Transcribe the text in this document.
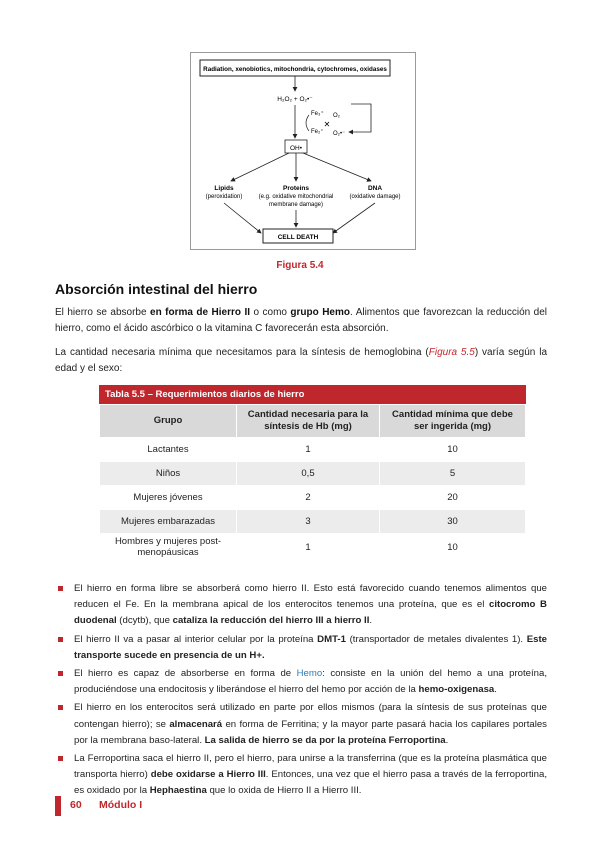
Radiation, xenobiotics, mitochondria, cytochromes, oxidases
H₂O₂ + O₂•⁻
Fe₃⁺ O₂
✕
Fe₂⁺ O₂•⁻
OH•
Lipids
(peroxidation)
Proteins
(e.g. oxidative mitochondrial
membrane damage)
DNA
(oxidative damage)
CELL DEATH
Figura 5.4
Absorción intestinal del hierro
El hierro se absorbe en forma de Hierro II o como grupo Hemo. Alimentos que favorezcan la reducción del hierro, como el ácido ascórbico o la vitamina C favorecerán esta absorción.
La cantidad necesaria mínima que necesitamos para la síntesis de hemoglobina (Figura 5.5) varía según la edad y el sexo:
Tabla 5.5 – Requerimientos diarios de hierro
Grupo	Cantidad necesaria para la síntesis de Hb (mg)	Cantidad mínima que debe ser ingerida (mg)
Lactantes	1	10
Niños	0,5	5
Mujeres jóvenes	2	20
Mujeres embarazadas	3	30
Hombres y mujeres post-menopáusicas	1	10
El hierro en forma libre se absorberá como hierro II. Esto está favorecido cuando tenemos alimentos que reducen el Fe. En la membrana apical de los enterocitos tenemos una proteína, que es el citocromo B duodenal (dcytb), que cataliza la reducción del hierro III a hierro II.
El hierro II va a pasar al interior celular por la proteína DMT-1 (transportador de metales divalentes 1). Este transporte sucede en presencia de un H+.
El hierro es capaz de absorberse en forma de Hemo: consiste en la unión del hemo a una proteína, produciéndose una endocitosis y liberándose el hierro del hemo por acción de la hemo-oxigenasa.
El hierro en los enterocitos será utilizado en parte por ellos mismos (para la síntesis de sus proteínas que contengan hierro); se almacenará en forma de Ferritina; y la mayor parte pasará hacia los capilares portales por la membrana baso-lateral. La salida de hierro se da por la proteína Ferroportina.
La Ferroportina saca el hierro II, pero el hierro, para unirse a la transferrina (que es la proteína plasmática que transporta hierro) debe oxidarse a Hierro III. Entonces, una vez que el hierro pasa a través de la ferroportina, es oxidado por la Hephaestina que lo oxida de Hierro II a Hierro III.
60 Módulo I
